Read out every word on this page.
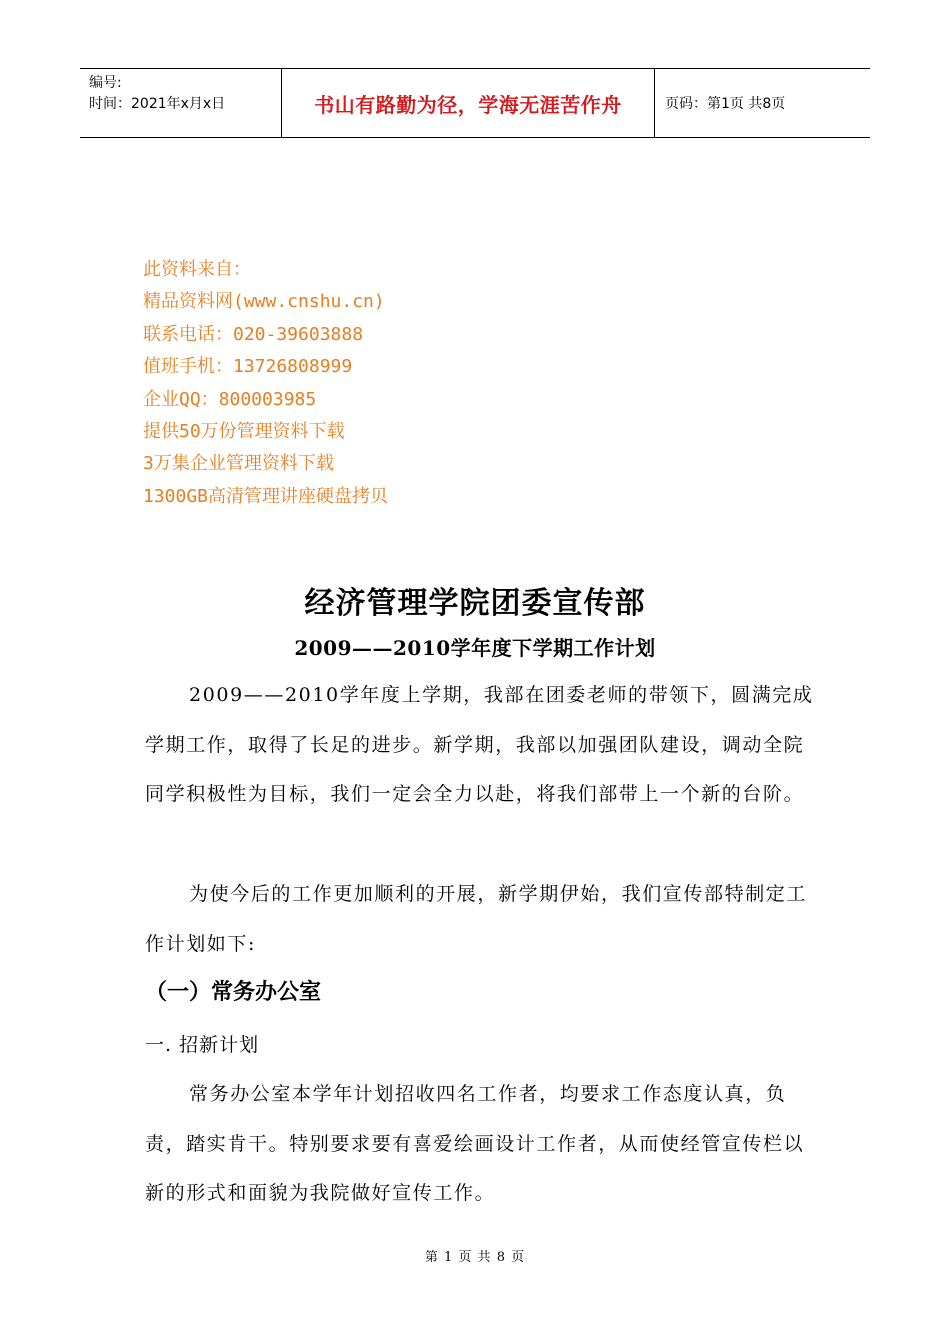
编号:
时间：2021年x月x日	书山有路勤为径，学海无涯苦作舟	页码：第1页 共8页
此资料来自：
精品资料网(www.cnshu.cn)
联系电话：020-39603888
值班手机：13726808999
企业QQ：800003985
提供50万份管理资料下载
3万集企业管理资料下载
1300GB高清管理讲座硬盘拷贝
经济管理学院团委宣传部
2009——2010学年度下学期工作计划
2009——2010学年度上学期，我部在团委老师的带领下，圆满完成学期工作，取得了长足的进步。新学期，我部以加强团队建设，调动全院同学积极性为目标，我们一定会全力以赴，将我们部带上一个新的台阶。
为使今后的工作更加顺利的开展，新学期伊始，我们宣传部特制定工作计划如下:
（一）常务办公室
一. 招新计划
常务办公室本学年计划招收四名工作者，均要求工作态度认真，负责，踏实肯干。特别要求要有喜爱绘画设计工作者，从而使经管宣传栏以新的形式和面貌为我院做好宣传工作。
第 1 页 共 8 页
